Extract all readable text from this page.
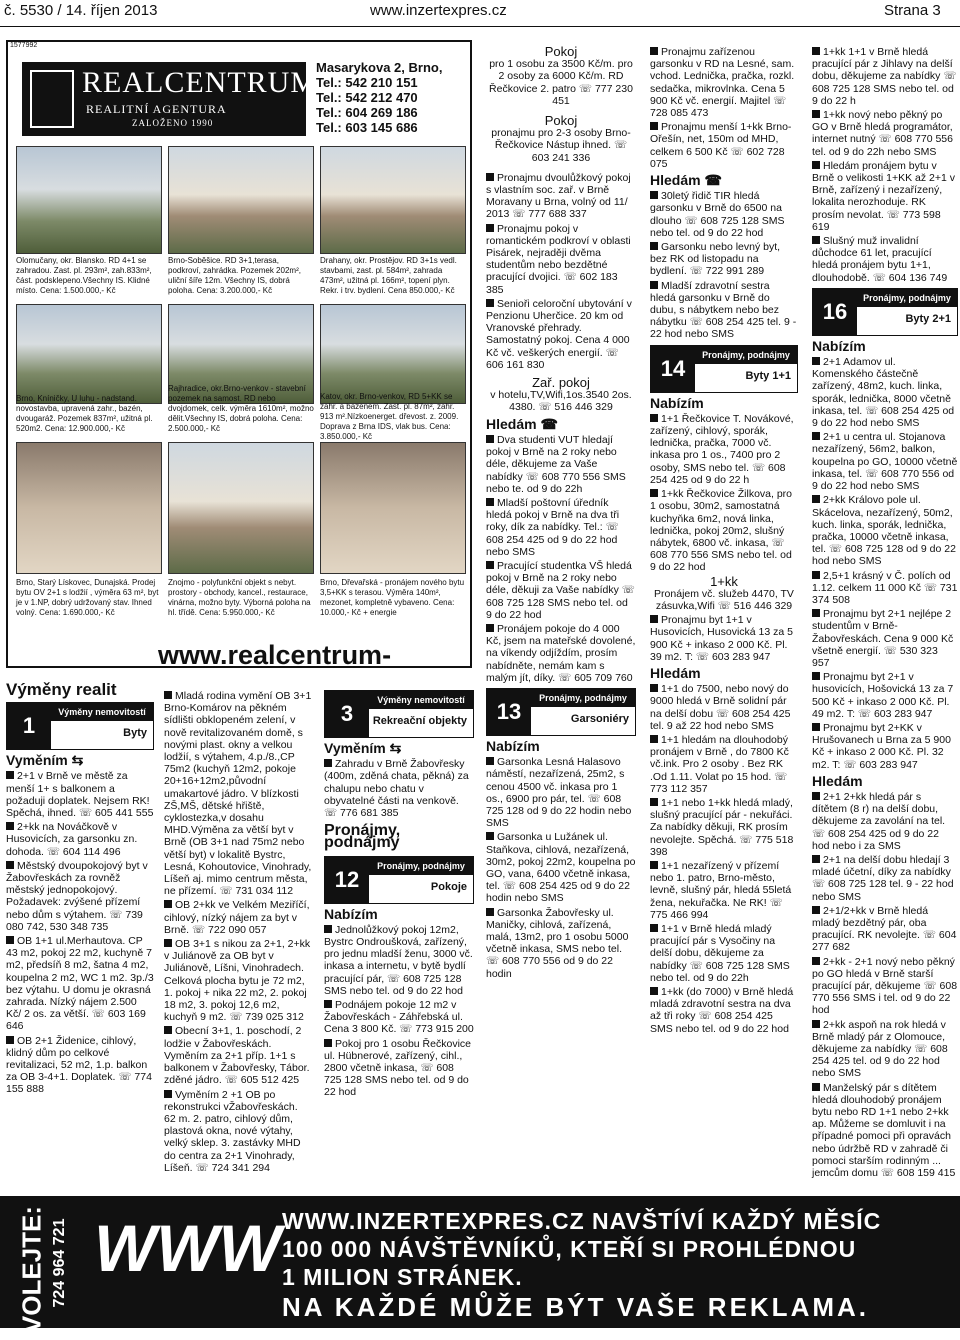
č. 5530 / 14. říjen 2013	www.inzertexpres.cz	Strana 3
1577992
REALCENTRUM
REALITNÍ AGENTURA
ZALOŽENO 1990
Masarykova 2, Brno,
Tel.: 542 210 151
Tel.: 542 212 470
Tel.: 604 269 186
Tel.: 603 145 686
Olomučany, okr. Blansko. RD 4+1 se zahradou. Zast. pl. 293m², zah.833m², část. podsklepeno.Všechny IS. Klidné místo. Cena: 1.500.000,- Kč
Brno-Soběšice. RD 3+1,terasa, podkroví, zahrádka. Pozemek 202m², uliční šíře 12m. Všechny IS, dobrá poloha. Cena: 3.200.000,- Kč
Drahany, okr. Prostějov. RD 3+1s vedl. stavbami, zast. pl. 584m², zahrada 473m², užitná pl. 166m², topení plyn. Rekr. i trv. bydlení. Cena 850.000,- Kč
Brno, Kníničky, U luhu - nadstand. novostavba, upravená zahr., bazén, dvougaráž. Pozemek 837m², užitná pl. 520m2. Cena: 12.900.000,- Kč
Rajhradice, okr.Brno-venkov - stavební pozemek na samost. RD nebo dvojdomek, celk. výměra 1610m², možno dělit.Všechny IS, dobrá poloha. Cena: 2.500.000,- Kč
Katov, okr. Brno-venkov, RD 5+KK se zahr. a bazenem. Zast. pl. 87m², zahr. 913 m².Nízkoenerget. dřevost. z. 2009. Doprava z Brna IDS, vlak bus. Cena: 3.850.000,- Kč
Brno, Starý Lískovec, Dunajská. Prodej bytu OV 2+1 s lodžií , výměra 63 m², byt je v 1.NP, dobrý udržovaný stav. Ihned volný. Cena: 1.690.000,- Kč
Znojmo - polyfunkční objekt s nebyt. prostory - obchody, kancel., restaurace, vinárna, možno byty. Výborná poloha na hl. třídě. Cena: 5.950.000,- Kč
Brno, Dřevařská - pronájem nového bytu 3,5+KK s terasou. Výměra 140m², mezonet, kompletně vybaveno. Cena: 10.000,- Kč + energie
www.realcentrum-
Výměny realit
Výměny nemovitostí
1	Byty
Vyměním ⇆

2+1 v Brně ve městě za menší 1+ s balkonem a požaduji doplatek. Nejsem RK! Spěchá, ihned. ☏ 605 441 555

2+kk na Nováčkově v Husovicích, za garsonku zn. dohoda. ☏ 604 114 496

Městský dvoupokojový byt v Žabovřeskách za rovněž městský jednopokojový. Požadavek: zvýšené přízemí nebo dům s výtahem. ☏ 739 080 742, 530 348 735

OB 1+1 ul.Merhautova. CP 43 m2, pokoj 22 m2, kuchyně 7 m2, předsíň 8 m2, šatna 4 m2, koupelna 2 m2, WC 1 m2. 3p./3 bez výtahu. U domu je okrasná zahrada. Nízký nájem 2.500 Kč/ 2 os. za větší. ☏ 603 169 646

OB 2+1 Židenice, cihlový, klidný dům po celkové revitalizaci, 52 m2, 1.p. balkon za OB 3-4+1. Doplatek. ☏ 774 155 888

Mladá rodina vymění OB 3+1 Brno-Komárov na pěkném sídlišti obklopeném zelení, v nově revitalizovaném domě, s novými plast. okny a velkou lodžií, s výtahem, 4.p./8.,CP 75m2 (kuchyň 12m2, pokoje 20+16+12m2,původní umakartové jádro. V blízkosti ZŠ,MŠ, dětské hřiště, cyklostezka,v dosahu MHD.Výměna za větší byt v Brně (OB 3+1 nad 75m2 nebo větší byt) v lokalitě Bystrc, Lesná, Kohoutovice, Vinohrady, Líšeň aj. mimo centrum města, ne přízemí. ☏ 731 034 112

OB 2+kk ve Velkém Meziříčí, cihlový, nízký nájem za byt v Brně. ☏ 722 090 057

OB 3+1 s nikou za 2+1, 2+kk v Juliánově za OB byt v Juliánově, Líšni, Vinohradech. Celková plocha bytu je 72 m2, 1. pokoj + nika 22 m2, 2. pokoj 18 m2, 3. pokoj 12,6 m2, kuchyň 9 m2. ☏ 739 025 312

Obecní 3+1, 1. poschodí, 2 lodžie v Žabovřeskách. Vyměním za 2+1 příp. 1+1 s balkonem v Žabovřesky, Tábor. zděné jádro. ☏ 605 512 425

Vyměním 2 +1 OB po rekonstrukci vŽabovřeskách. 62 m. 2. patro, cihlový dům, plastová okna, nové výtahy, velký sklep. 3. zastávky MHD do centra za 2+1 Vinohrady, Líšeň. ☏ 724 341 294

Výměny nemovitostí
3	Rekreační objekty
Vyměním ⇆

Zahradu v Brně Žabovřesky (400m, zděná chata, pěkná) za chalupu nebo chatu v obyvatelné části na venkově. ☏ 776 681 385

Pronájmy, podnájmy
Pronájmy, podnájmy
12	Pokoje
Nabízím

Jednolůžkový pokoj 12m2, Bystrc Ondroušková, zařízený, pro jednu mladší ženu, 3000 vč. inkasa a internetu, v bytě bydlí pracující pár, ☏ 608 725 128 SMS nebo tel. od 9 do 22 hod

Podnájem pokoje 12 m2 v Žabovřeskách - Záhřebská ul. Cena 3 800 Kč. ☏ 773 915 200

Pokoj pro 1 osobu Řečkovice ul. Hübnerové, zařízený, cihl., 2800 včetně inkasa, ☏ 608 725 128 SMS nebo tel. od 9 do 22 hod

Pokoj

pro 1 osobu za 3500 Kč/m. pro 2 osoby za 6000 Kč/m. RD Řečkovice 2. patro ☏ 777 230 451

Pokoj

pronajmu pro 2-3 osoby Brno-Řečkovice Nástup ihned. ☏ 603 241 336

Pronajmu dvoulůžkový pokoj s vlastním soc. zař. v Brně Moravany u Brna, volný od 11/ 2013 ☏ 777 688 337

Pronajmu pokoj v romantickém podkroví v oblasti Pisárek, nejraději dvěma studentům nebo bezdětné pracující dvojici. ☏ 602 183 385

Senioři celoroční ubytování v Penzionu Uherčice. 20 km od Vranovské přehrady. Samostatný pokoj. Cena 4 000 Kč vč. veškerých energií. ☏ 606 161 830

Zař. pokoj

v hotelu,TV,Wifi,1os.3540 2os. 4380. ☏ 516 446 329

Hledám ☎

Dva studenti VUT hledají pokoj v Brně na 2 roky nebo déle, děkujeme za Vaše nabídky ☏ 608 770 556 SMS nebo te. od 9 do 22h

Mladší poštovní úředník hledá pokoj v Brně na dva tři roky, dík za nabídky. Tel.: ☏ 608 254 425 od 9 do 22 hod nebo SMS

Pracující studentka VŠ hledá pokoj v Brně na 2 roky nebo déle, děkuji za Vaše nabídky ☏ 608 725 128 SMS nebo tel. od 9 do 22 hod

Pronájem pokoje do 4 000 Kč, jsem na mateřské dovolené, na víkendy odjíždím, prosím nabídněte, nemám kam s malým jít, díky. ☏ 605 709 760

Pronájmy, podnájmy
13	Garsoniéry
Nabízím

Garsonka Lesná Halasovo náměstí, nezařízená, 25m2, s cenou 4500 vč. inkasa pro 1 os., 6900 pro pár, tel. ☏ 608 725 128 od 9 do 22 hodin nebo SMS

Garsonka u Lužánek ul. Staňkova, cihlová, nezařízená, 30m2, pokoj 22m2, koupelna po GO, vana, 6400 včetně inkasa, tel. ☏ 608 254 425 od 9 do 22 hodin nebo SMS

Garsonka Žabovřesky ul. Maničky, cihlová, zařízená, malá, 13m2, pro 1 osobu 5000 včetně inkasa, SMS nebo tel. ☏ 608 770 556 od 9 do 22 hodin

Pronajmu zařízenou garsonku v RD na Lesné, sam. vchod. Lednička, pračka, rozkl. sedačka, mikrovlnka. Cena 5 900 Kč vč. energií. Majitel ☏ 728 085 473

Pronajmu menší 1+kk Brno-Ořešín, net, 150m od MHD, celkem 6 500 Kč ☏ 602 728 075

Hledám ☎

30letý řidič TIR hledá garsonku v Brně do 6500 na dlouho ☏ 608 725 128 SMS nebo tel. od 9 do 22 hod

Garsonku nebo levný byt, bez RK od listopadu na bydlení. ☏ 722 991 289

Mladší zdravotní sestra hledá garsonku v Brně do dubu, s nábytkem nebo bez nábytku ☏ 608 254 425 tel. 9 - 22 hod nebo SMS

Pronájmy, podnájmy
14	Byty 1+1
Nabízím

1+1 Řečkovice T. Novákové, zařízený, cihlový, sporák, lednička, pračka, 7000 vč. inkasa pro 1 os., 7400 pro 2 osoby, SMS nebo tel. ☏ 608 254 425 od 9 do 22 h

1+kk Řečkovice Žilkova, pro 1 osobu, 30m2, samostatná kuchyňka 6m2, nová linka, lednička, pokoj 20m2, slušný nábytek, 6800 vč. inkasa, ☏ 608 770 556 SMS nebo tel. od 9 do 22 hod

1+kk

Pronájem vč. služeb 4470, TV zásuvka,Wifi ☏ 516 446 329

Pronajmu byt 1+1 v Husovicích, Husovická 13 za 5 900 Kč + inkaso 2 000 Kč. Pl. 39 m2. T: ☏ 603 283 947

Hledám

1+1 do 7500, nebo nový do 9000 hledá v Brně solidní pár na delší dobu ☏ 608 254 425 tel. 9 až 22 hod nebo SMS

1+1 hledám na dlouhodobý pronájem v Brně , do 7800 Kč vč.ink. Pro 2 osoby . Bez RK .Od 1.11. Volat po 15 hod. ☏ 773 112 357

1+1 nebo 1+kk hledá mladý, slušný pracující pár - nekuřáci. Za nabídky děkuji, RK prosím nevolejte. Spěchá. ☏ 775 518 398

1+1 nezařízený v přízemí nebo 1. patro, Brno-město, levně, slušný pár, hledá 55letá žena, nekuřačka. Ne RK! ☏ 775 466 994

1+1 v Brně hledá mladý pracující pár s Vysočiny na delší dobu, děkujeme za nabídky ☏ 608 725 128 SMS nebo tel. od 9 do 22h

1+kk (do 7000) v Brně hledá mladá zdravotní sestra na dva až tři roky ☏ 608 254 425 SMS nebo tel. od 9 do 22 hod

1+kk 1+1 v Brně hledá pracující pár z Jihlavy na delší dobu, děkujeme za nabídky ☏ 608 725 128 SMS nebo tel. od 9 do 22 h

1+kk nový nebo pěkný po GO v Brně hledá programátor, internet nutný ☏ 608 770 556 tel. od 9 do 22h nebo SMS

Hledám pronájem bytu v Brně o velikosti 1+KK až 2+1 v Brně, zařízený i nezařízený, lokalita nerozhoduje. RK prosím nevolat. ☏ 773 598 619

Slušný muž invalidní důchodce 61 let, pracující hledá pronájem bytu 1+1, dlouhodobě. ☏ 604 136 749

Pronájmy, podnájmy
16	Byty 2+1
Nabízím

2+1 Adamov ul. Komenského částečně zařízený, 48m2, kuch. linka, sporák, lednička, 8000 včetně inkasa, tel. ☏ 608 254 425 od 9 do 22 hod nebo SMS

2+1 u centra ul. Stojanova nezařízený, 56m2, balkon, koupelna po GO, 10000 včetně inkasa, tel. ☏ 608 770 556 od 9 do 22 hod nebo SMS

2+kk Královo pole ul. Skácelova, nezařízený, 50m2, kuch. linka, sporák, lednička, pračka, 10000 včetně inkasa, tel. ☏ 608 725 128 od 9 do 22 hod nebo SMS

2,5+1 krásný v Č. polích od 1.12. celkem 11 000 Kč ☏ 731 374 508

Pronajmu byt 2+1 nejlépe 2 studentům v Brně-Žabovřeskách. Cena 9 000 Kč všetně energií. ☏ 530 323 957

Pronajmu byt 2+1 v husovicích, Hošovická 13 za 7 500 Kč + inkaso 2 000 Kč. Pl. 49 m2. T: ☏ 603 283 947

Pronajmu byt 2+KK v Hrušovanech u Brna za 5 900 Kč + inkaso 2 000 Kč. Pl. 32 m2. T: ☏ 603 283 947

Hledám

2+1 2+kk hledá pár s dítětem (8 r) na delší dobu, děkujeme za zavolání na tel. ☏ 608 254 425 od 9 do 22 hod nebo i za SMS

2+1 na delší dobu hledají 3 mladé účetní, díky za nabídky ☏ 608 725 128 tel. 9 - 22 hod nebo SMS

2+1/2+kk v Brně hledá mladý bezdětný pár, oba pracující. RK nevolejte. ☏ 604 277 682

2+kk - 2+1 nový nebo pěkný po GO hledá v Brně starší pracující pár, děkujeme ☏ 608 770 556 SMS i tel. od 9 do 22 hod

2+kk aspoň na rok hledá v Brně mladý pár z Olomouce, děkujeme za nabídky ☏ 608 254 425 tel. od 9 do 22 hod nebo SMS

Manželský pár s dítětem hledá dlouhodobý pronájem bytu nebo RD 1+1 nebo 2+kk ap. Můžeme se domluvit i na případné pomoci při opravách nebo údržbě RD v zahradě či pomoci starším rodinným ... jemcům domu ☏ 608 159 415

VOLEJTE: 724 964 721 WWW WWW.INZERTEXPRES.CZ NAVŠTÍVÍ KAŽDÝ MĚSÍC
100 000 NÁVŠTĚVNÍKŮ, KTEŘÍ SI PROHLÉDNOU
1 MILION STRÁNEK.
NA KAŽDÉ MŮŽE BÝT VAŠE REKLAMA.
